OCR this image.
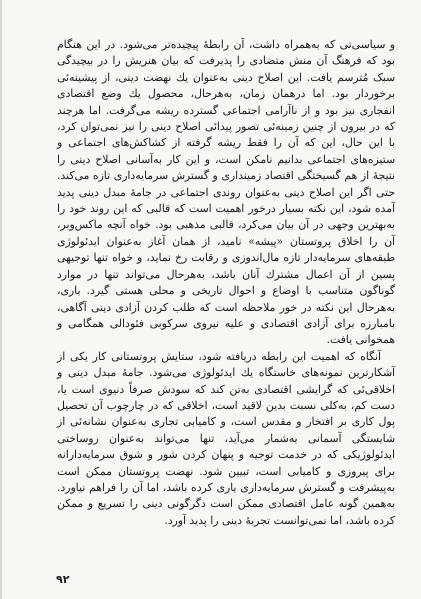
و سیاسی‌تی که به‌همراه داشت، آن رابطهٔ پیچیده‌تر می‌شود. در این هنگام بود که فرهنگ آن منش متضادی را پذیرفت که بیان هنریش را در بیچیدگی سبک مُترسم یافت. این اصلاح دینی به‌عنوان یك نهضت دینی، از پیشینه‌ئی برخوردار بود. اما درهمان زمان، به‌هرحال، محصول یك وضع اقتصادی انفجاری نیز بود و از ناآرامی اجتماعی گسترده ریشه می‌گرفت. اما هرچند که در بیرون از چنین زمینه‌ئی تصور پیدائی اصلاح دینی را نیز نمی‌توان کرد، با این حال، این که آن را فقط ریشه گرفته از کشاکش‌های اجتماعی و ستیزه‌های اجتماعی بدانیم نامکن است، و این کار به‌آسانی اصلاح دینی را نتیجهٔ از هم گسیختگی اقتصاد زمینداری و گسترش سرمایه‌داری تازه می‌کند. حتی اگر این اصلاح دینی به‌عنوان روندی اجتماعی در جامهٔ مبدل دینی پدید آمده شود، این نکته بسیار درخور اهمیت است که قالبی که این روند خود را به‌بهترین وجهی در آن بیان می‌کرد، قالبی مذهبی بود. خواه آنچه ماکس‌وبر، آن را اخلاق پروتستان «پیشه» نامید، از همان آغاز به‌عنوان ایدئولوژی طبقه‌های سرمایه‌دار تازه مال‌اندوزی و رقابت رخ نماید، و خواه تنها توجیهی پسین از آن اعمال مشترك آنان باشد، به‌هرحال می‌تواند تنها در موارد گوناگون متناسب با اوضاع و احوال تاریخی و محلی هستی گیرد. باری، به‌هرحال این نکته در خور ملاحظه است که طلب کردن آزادی دینی آگاهی، بامبارزه برای آزادی اقتصادی و علیه نیروی سرکوبی فئودالی همگامی و همخوانی یافت.

آنگاه که اهمیت این رابطه دریافته شود، ستایش پروتستانی کار یکی از آشکارترین نمونه‌های خاستگاه یك ایدئولوژی می‌شود. جامهٔ مبدل دینی و اخلاقی‌ئی که گرایشی اقتصادی به‌تن کند که سودش صرفاً دنیوی است یا، دست کم، به‌کلی نسبت بدین لاقید است، اخلاقی که در چارچوب آن تحصیل پول کاری بر افتخار و مقدس است، و کامیابی تجاری به‌عنوان نشانه‌ئی از شایستگی آسمانی به‌شمار می‌آید، تنها می‌تواند به‌عنوان روساختی ایدئولوژیکی که در خدمت توجیه و پنهان کردن شور و شوق سرمایه‌دارانه برای پیروزی و کامیابی است، تبیین شود. نهضت پروتستان ممکن است به‌پیشرفت و گسترش سرمایه‌داری یاری کرده باشد، اما آن را فراهم نیاورد. به‌همین گونه عامل اقتصادی ممکن است دگرگونی دینی را تسریع و ممکن کرده باشد، اما نمی‌توانست تجربهٔ دینی را پدید آورد.

۹۲
